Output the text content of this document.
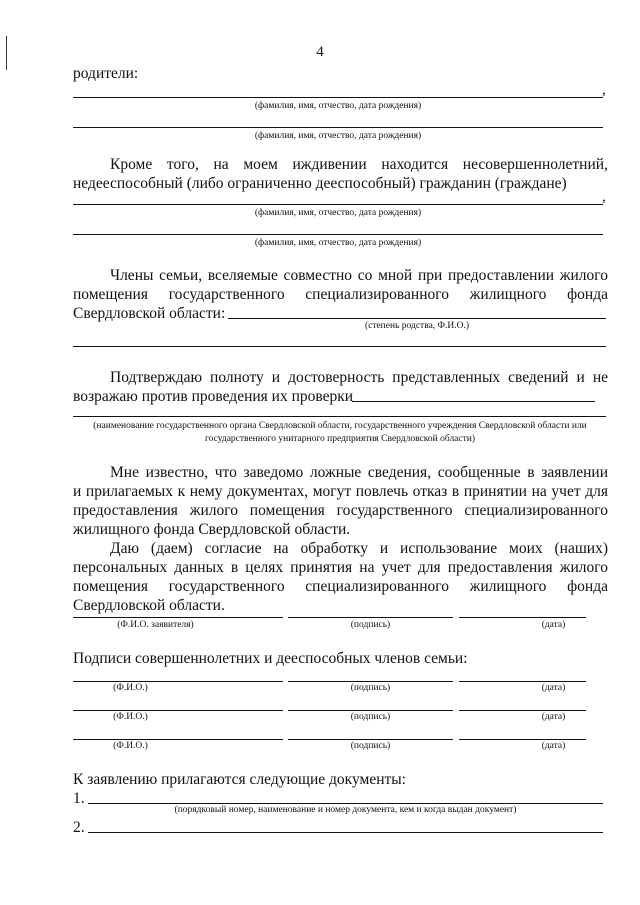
4
родители:
,
(фамилия, имя, отчество, дата рождения)
(фамилия, имя, отчество, дата рождения)
Кроме того, на моем иждивении находится несовершеннолетний,
недееспособный (либо ограниченно дееспособный) гражданин (граждане)
,
(фамилия, имя, отчество, дата рождения)
(фамилия, имя, отчество, дата рождения)
Члены семьи, вселяемые совместно со мной при предоставлении жилого
помещения государственного специализированного жилищного фонда
Свердловской области:
(степень родства, Ф.И.О.)
Подтверждаю полноту и достоверность представленных сведений и не
возражаю против проведения их проверки
(наименование государственного органа Свердловской области, государственного учреждения Свердловской области или государственного унитарного предприятия Свердловской области)
Мне известно, что заведомо ложные сведения, сообщенные в заявлении
и прилагаемых к нему документах, могут повлечь отказ в принятии на учет для
предоставления жилого помещения государственного специализированного
жилищного фонда Свердловской области.
Даю (даем) согласие на обработку и использование моих (наших)
персональных данных в целях принятия на учет для предоставления жилого
помещения государственного специализированного жилищного фонда
Свердловской области.
(Ф.И.О. заявителя)	(подпись)	(дата)
Подписи совершеннолетних и дееспособных членов семьи:
(Ф.И.О.)	(подпись)	(дата)
(Ф.И.О.)	(подпись)	(дата)
(Ф.И.О.)	(подпись)	(дата)
К заявлению прилагаются следующие документы:
1.
(порядковый номер, наименование и номер документа, кем и когда выдан документ)
2.
